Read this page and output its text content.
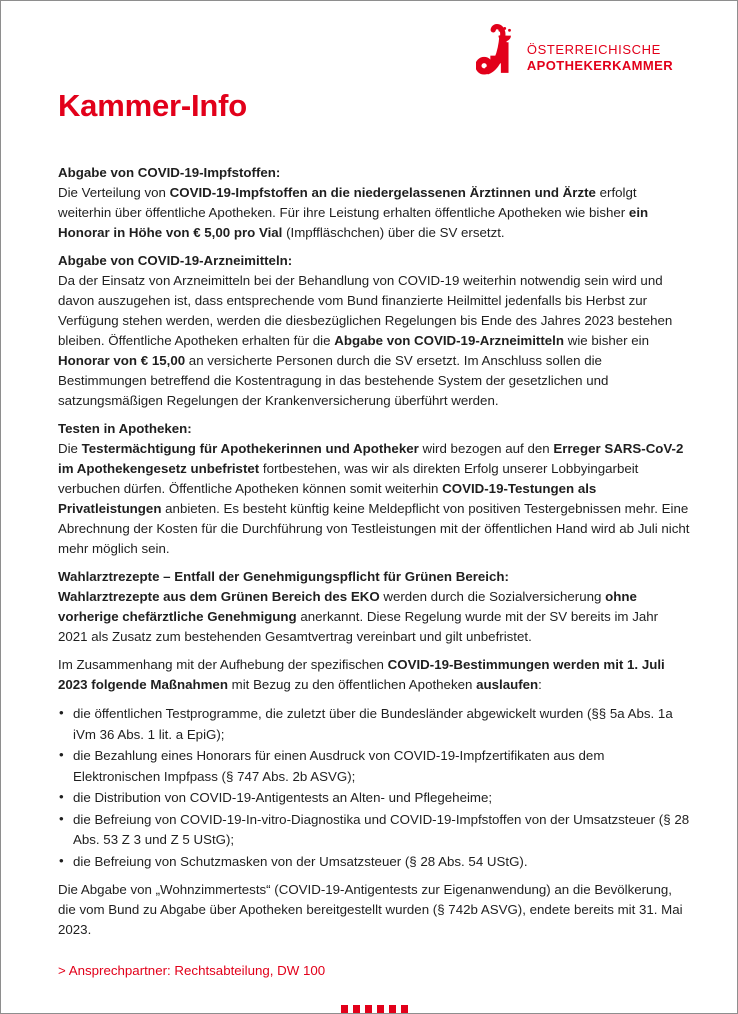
ÖSTERREICHISCHE
APOTHEKERKAMMER
Kammer-Info
Abgabe von COVID-19-Impfstoffen:

Die Verteilung von COVID-19-Impfstoffen an die niedergelassenen Ärztinnen und Ärzte erfolgt weiterhin über öffentliche Apotheken. Für ihre Leistung erhalten öffentliche Apotheken wie bisher ein Honorar in Höhe von € 5,00 pro Vial (Impffläschchen) über die SV ersetzt.

Abgabe von COVID-19-Arzneimitteln:

Da der Einsatz von Arzneimitteln bei der Behandlung von COVID-19 weiterhin notwendig sein wird und davon auszugehen ist, dass entsprechende vom Bund finanzierte Heilmittel jedenfalls bis Herbst zur Verfügung stehen werden, werden die diesbezüglichen Regelungen bis Ende des Jahres 2023 bestehen bleiben. Öffentliche Apotheken erhalten für die Abgabe von COVID-19-Arzneimitteln wie bisher ein Honorar von € 15,00 an versicherte Personen durch die SV ersetzt. Im Anschluss sollen die Bestimmungen betreffend die Kostentragung in das bestehende System der gesetzlichen und satzungsmäßigen Regelungen der Krankenversicherung überführt werden.

Testen in Apotheken:

Die Testermächtigung für Apothekerinnen und Apotheker wird bezogen auf den Erreger SARS-CoV-2 im Apothekengesetz unbefristet fortbestehen, was wir als direkten Erfolg unserer Lobbyingarbeit verbuchen dürfen. Öffentliche Apotheken können somit weiterhin COVID-19-Testungen als Privatleistungen anbieten. Es besteht künftig keine Meldepflicht von positiven Testergebnissen mehr. Eine Abrechnung der Kosten für die Durchführung von Testleistungen mit der öffentlichen Hand wird ab Juli nicht mehr möglich sein.

Wahlarztrezepte – Entfall der Genehmigungspflicht für Grünen Bereich:

Wahlarztrezepte aus dem Grünen Bereich des EKO werden durch die Sozialversicherung ohne vorherige chefärztliche Genehmigung anerkannt. Diese Regelung wurde mit der SV bereits im Jahr 2021 als Zusatz zum bestehenden Gesamtvertrag vereinbart und gilt unbefristet.

Im Zusammenhang mit der Aufhebung der spezifischen COVID-19-Bestimmungen werden mit 1. Juli 2023 folgende Maßnahmen mit Bezug zu den öffentlichen Apotheken auslaufen:

• die öffentlichen Testprogramme, die zuletzt über die Bundesländer abgewickelt wurden (§§ 5a Abs. 1a iVm 36 Abs. 1 lit. a EpiG);
• die Bezahlung eines Honorars für einen Ausdruck von COVID-19-Impfzertifikaten aus dem Elektronischen Impfpass (§ 747 Abs. 2b ASVG);
• die Distribution von COVID-19-Antigentests an Alten- und Pflegeheime;
• die Befreiung von COVID-19-In-vitro-Diagnostika und COVID-19-Impfstoffen von der Umsatzsteuer (§ 28 Abs. 53 Z 3 und Z 5 UStG);
• die Befreiung von Schutzmasken von der Umsatzsteuer (§ 28 Abs. 54 UStG).

Die Abgabe von „Wohnzimmertests“ (COVID-19-Antigentests zur Eigenanwendung) an die Bevölkerung, die vom Bund zu Abgabe über Apotheken bereitgestellt wurden (§ 742b ASVG), endete bereits mit 31. Mai 2023.

> Ansprechpartner: Rechtsabteilung, DW 100
